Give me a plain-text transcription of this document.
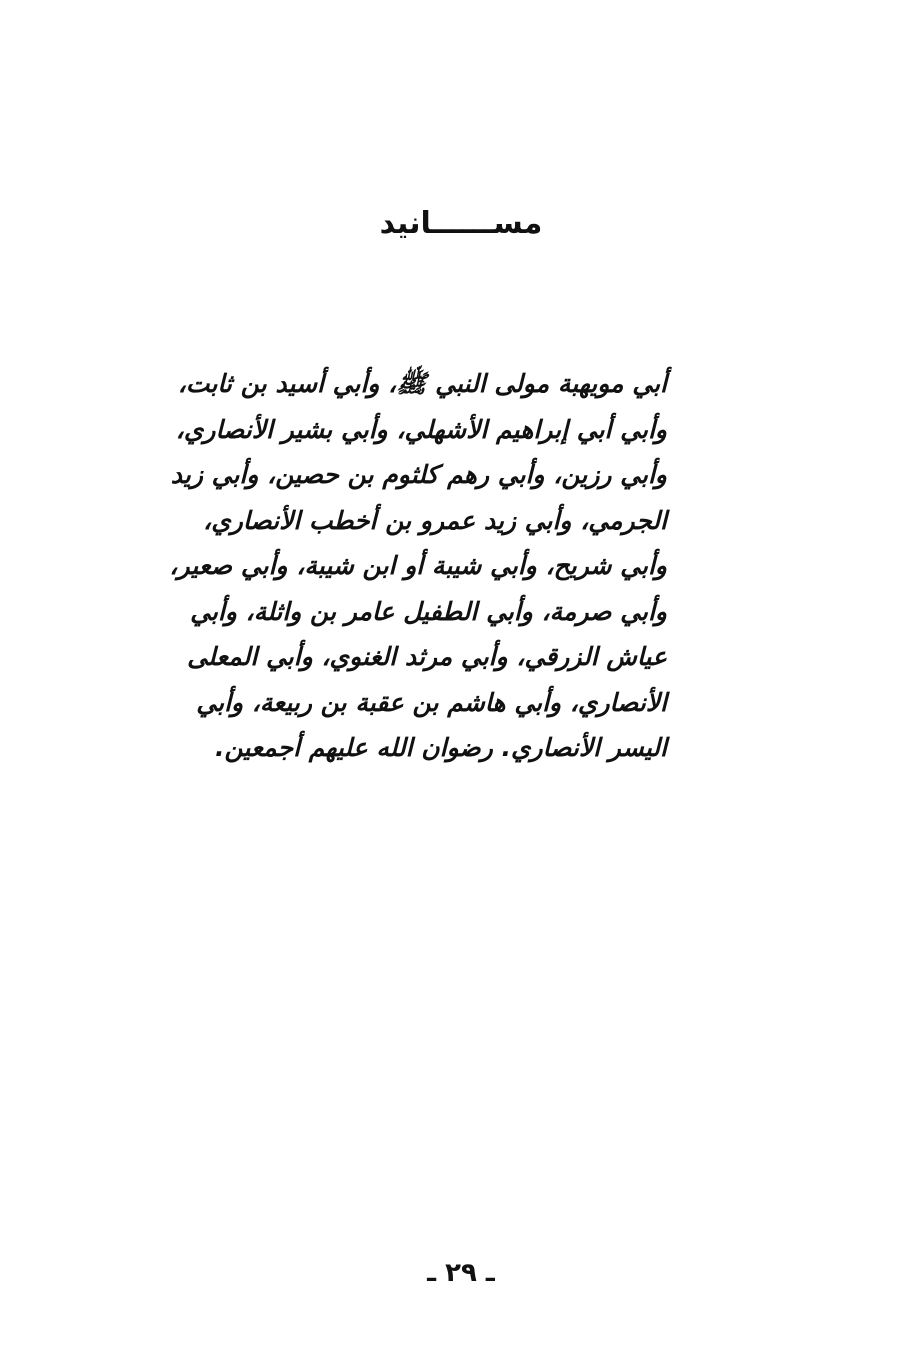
مســــــانيد
أبي مويهبة مولى النبي ﷺ، وأبي أسيد بن ثابت،
وأبي أبي إبراهيم الأشهلي، وأبي بشير الأنصاري،
وأبي رزين، وأبي رهم كلثوم بن حصين، وأبي زيد
الجرمي، وأبي زيد عمرو بن أخطب الأنصاري،
وأبي شريح، وأبي شيبة أو ابن شيبة، وأبي صعير،
وأبي صرمة، وأبي الطفيل عامر بن واثلة، وأبي
عياش الزرقي، وأبي مرثد الغنوي، وأبي المعلى
الأنصاري، وأبي هاشم بن عقبة بن ربيعة، وأبي
اليسر الأنصاري. رضوان الله عليهم أجمعين.
ـ ٢٩ ـ
